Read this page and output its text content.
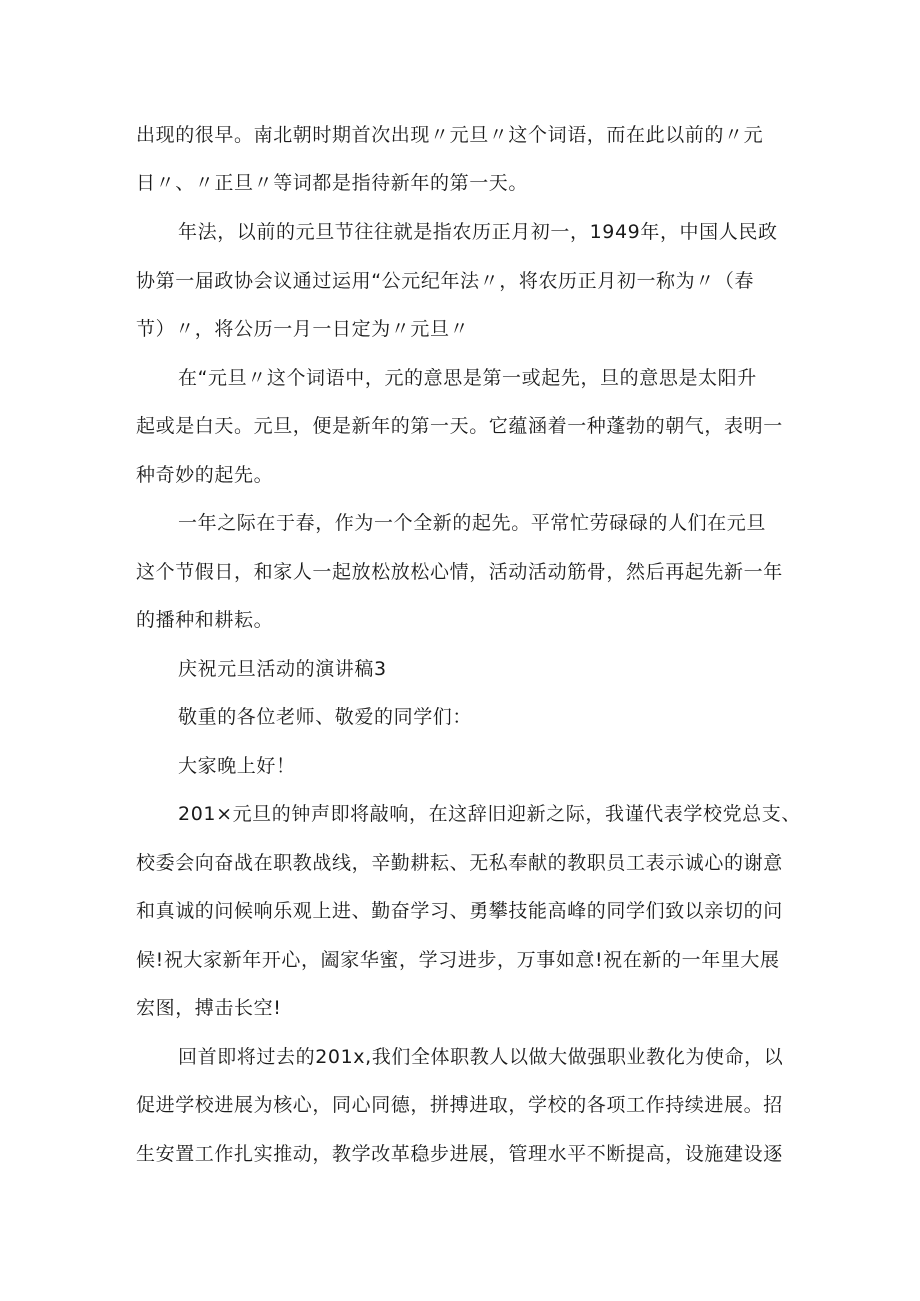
出现的很早。南北朝时期首次出现〃元旦〃这个词语，而在此以前的〃元
日〃、〃正旦〃等词都是指待新年的第一天。
年法，以前的元旦节往往就是指农历正月初一，1949年，中国人民政
协第一届政协会议通过运用“公元纪年法〃，将农历正月初一称为〃（春
节）〃，将公历一月一日定为〃元旦〃
在“元旦〃这个词语中，元的意思是第一或起先，旦的意思是太阳升
起或是白天。元旦，便是新年的第一天。它蕴涵着一种蓬勃的朝气，表明一
种奇妙的起先。
一年之际在于春，作为一个全新的起先。平常忙劳碌碌的人们在元旦
这个节假日，和家人一起放松放松心情，活动活动筋骨，然后再起先新一年
的播种和耕耘。
庆祝元旦活动的演讲稿3
敬重的各位老师、敬爱的同学们：
大家晚上好！
201×元旦的钟声即将敲响，在这辞旧迎新之际，我谨代表学校党总支、
校委会向奋战在职教战线，辛勤耕耘、无私奉献的教职员工表示诚心的谢意
和真诚的问候响乐观上进、勤奋学习、勇攀技能高峰的同学们致以亲切的问
候!祝大家新年开心，阖家华蜜，学习进步，万事如意!祝在新的一年里大展
宏图，搏击长空!
回首即将过去的201x,我们全体职教人以做大做强职业教化为使命，以
促进学校进展为核心，同心同德，拼搏进取，学校的各项工作持续进展。招
生安置工作扎实推动，教学改革稳步进展，管理水平不断提高，设施建设逐
